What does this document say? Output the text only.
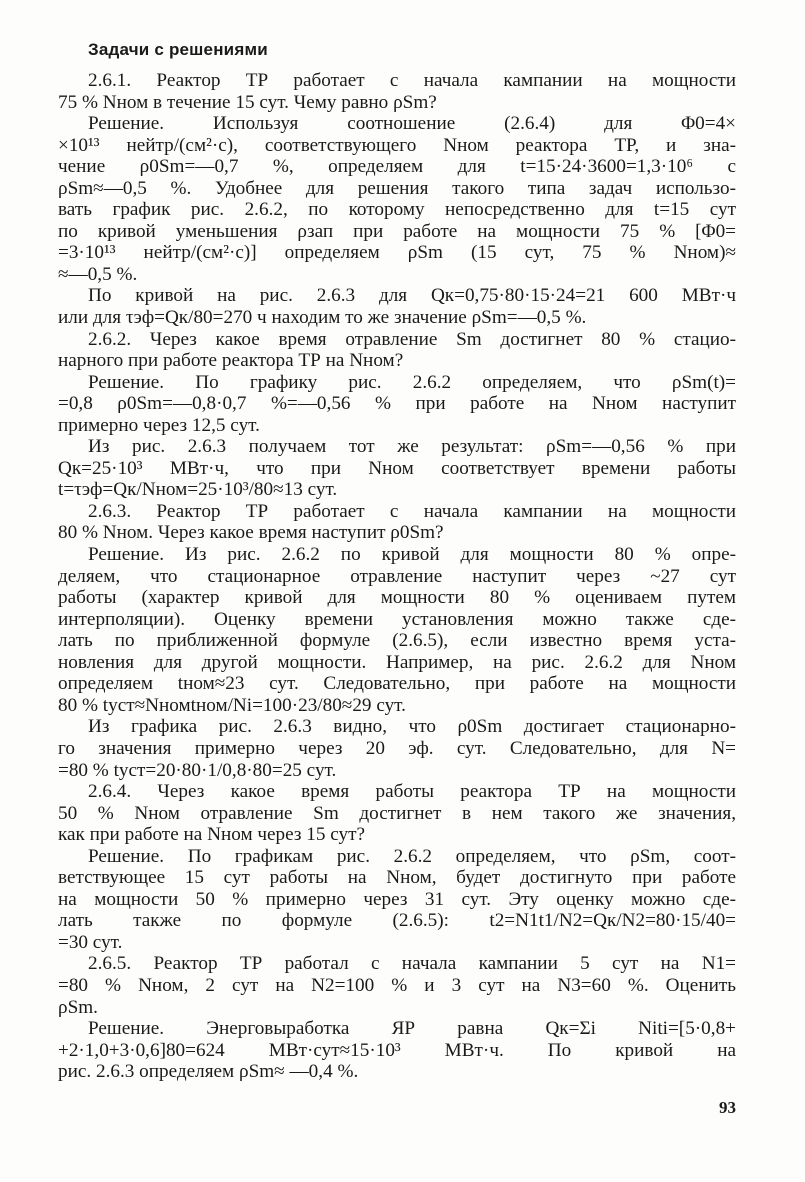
Задачи с решениями
2.6.1. Реактор ТР работает с начала кампании на мощности
75 % Nном в течение 15 сут. Чему равно ρSm?
Решение. Используя соотношение (2.6.4) для Φ0=4×
×10¹³ нейтр/(см²·с), соответствующего Nном реактора ТР, и зна-
чение ρ0Sm=—0,7 %, определяем для t=15·24·3600=1,3·10⁶ с
ρSm≈—0,5 %. Удобнее для решения такого типа задач использо-
вать график рис. 2.6.2, по которому непосредственно для t=15 сут
по кривой уменьшения ρзап при работе на мощности 75 % [Φ0=
=3·10¹³ нейтр/(см²·с)] определяем ρSm (15 сут, 75 % Nном)≈
≈—0,5 %.
По кривой на рис. 2.6.3 для Qк=0,75·80·15·24=21 600 МВт·ч
или для τэф=Qк/80=270 ч находим то же значение ρSm=—0,5 %.
2.6.2. Через какое время отравление Sm достигнет 80 % стацио-
нарного при работе реактора ТР на Nном?
Решение. По графику рис. 2.6.2 определяем, что ρSm(t)=
=0,8 ρ0Sm=—0,8·0,7 %=—0,56 % при работе на Nном наступит
примерно через 12,5 сут.
Из рис. 2.6.3 получаем тот же результат: ρSm=—0,56 % при
Qк=25·10³ МВт·ч, что при Nном соответствует времени работы
t=τэф=Qк/Nном=25·10³/80≈13 сут.
2.6.3. Реактор ТР работает с начала кампании на мощности
80 % Nном. Через какое время наступит ρ0Sm?
Решение. Из рис. 2.6.2 по кривой для мощности 80 % опре-
деляем, что стационарное отравление наступит через ~27 сут
работы (характер кривой для мощности 80 % оцениваем путем
интерполяции). Оценку времени установления можно также сде-
лать по приближенной формуле (2.6.5), если известно время уста-
новления для другой мощности. Например, на рис. 2.6.2 для Nном
определяем tном≈23 сут. Следовательно, при работе на мощности
80 % tуст≈Nномtном/Ni=100·23/80≈29 сут.
Из графика рис. 2.6.3 видно, что ρ0Sm достигает стационарно-
го значения примерно через 20 эф. сут. Следовательно, для N=
=80 % tуст=20·80·1/0,8·80=25 сут.
2.6.4. Через какое время работы реактора ТР на мощности
50 % Nном отравление Sm достигнет в нем такого же значения,
как при работе на Nном через 15 сут?
Решение. По графикам рис. 2.6.2 определяем, что ρSm, соот-
ветствующее 15 сут работы на Nном, будет достигнуто при работе
на мощности 50 % примерно через 31 сут. Эту оценку можно сде-
лать также по формуле (2.6.5): t2=N1t1/N2=Qк/N2=80·15/40=
=30 сут.
2.6.5. Реактор ТР работал с начала кампании 5 сут на N1=
=80 % Nном, 2 сут на N2=100 % и 3 сут на N3=60 %. Оценить
ρSm.
Решение. Энерговыработка ЯР равна Qк=Σi Niti=[5·0,8+
+2·1,0+3·0,6]80=624 МВт·сут≈15·10³ МВт·ч. По кривой на
рис. 2.6.3 определяем ρSm≈ —0,4 %.
93
